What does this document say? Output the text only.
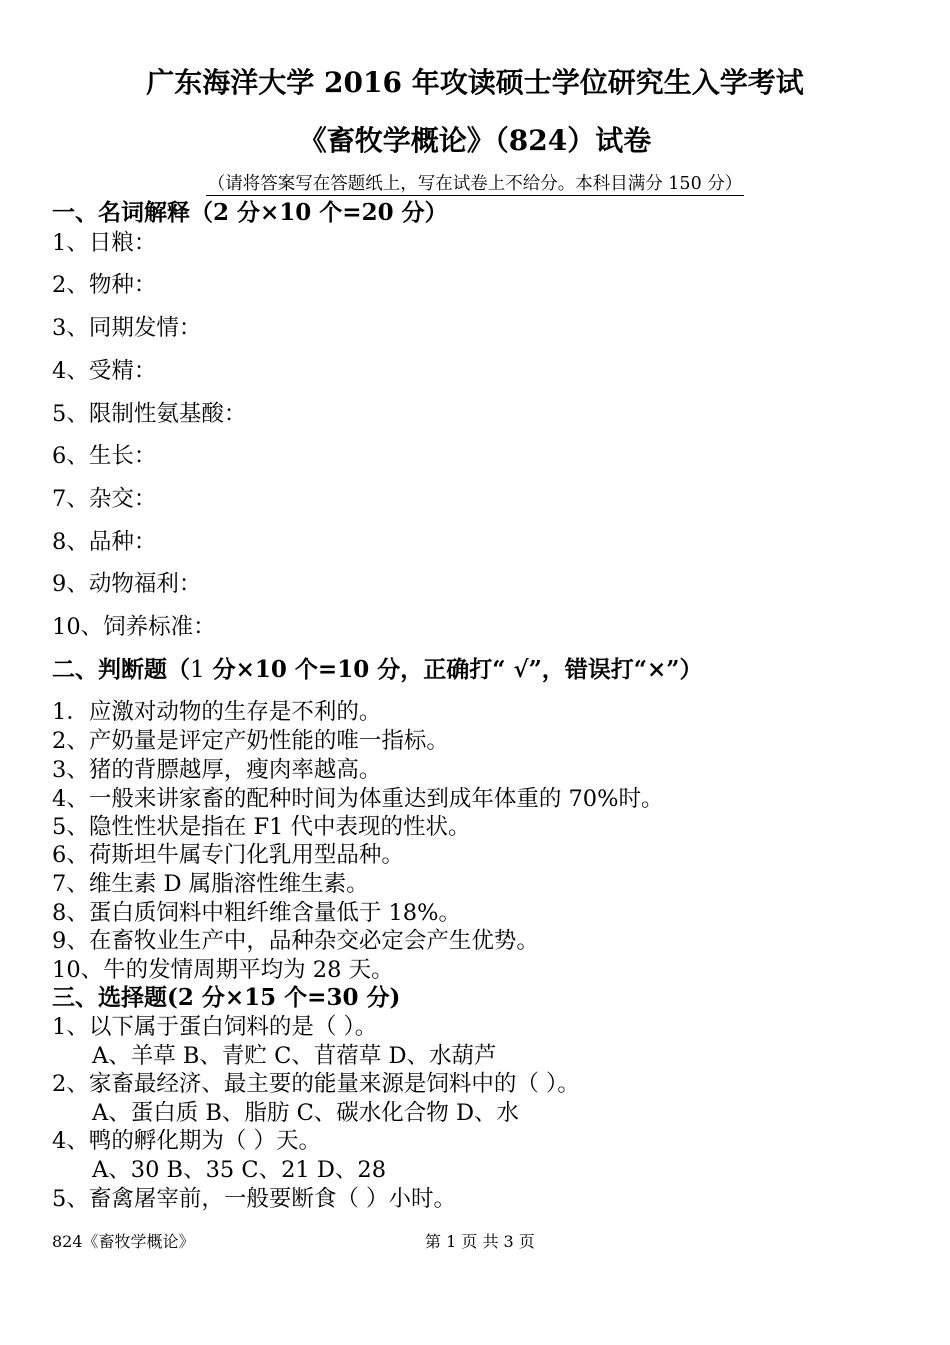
广东海洋大学 2016 年攻读硕士学位研究生入学考试
《畜牧学概论》（824）试卷
（请将答案写在答题纸上，写在试卷上不给分。本科目满分 150 分）
一、名词解释（2 分×10 个=20 分）
1、日粮：
2、物种：
3、同期发情：
4、受精：
5、限制性氨基酸：
6、生长：
7、杂交：
8、品种：
9、动物福利：
10、饲养标准：
二、判断题（1 分×10 个=10 分，正确打“ √”，错误打“×”）
1．应激对动物的生存是不利的。
2、产奶量是评定产奶性能的唯一指标。
3、猪的背膘越厚，瘦肉率越高。
4、一般来讲家畜的配种时间为体重达到成年体重的 70%时。
5、隐性性状是指在 F1 代中表现的性状。
6、荷斯坦牛属专门化乳用型品种。
7、维生素 D 属脂溶性维生素。
8、蛋白质饲料中粗纤维含量低于 18%。
9、在畜牧业生产中，品种杂交必定会产生优势。
10、牛的发情周期平均为 28 天。
三、选择题(2 分×15 个=30 分)
1、以下属于蛋白饲料的是（ ）。
A、羊草 B、青贮 C、苜蓿草 D、水葫芦
2、家畜最经济、最主要的能量来源是饲料中的（ ）。
A、蛋白质 B、脂肪 C、碳水化合物 D、水
4、鸭的孵化期为（ ）天。
A、30 B、35 C、21 D、28
5、畜禽屠宰前，一般要断食（ ）小时。
824《畜牧学概论》	第 1 页 共 3 页
